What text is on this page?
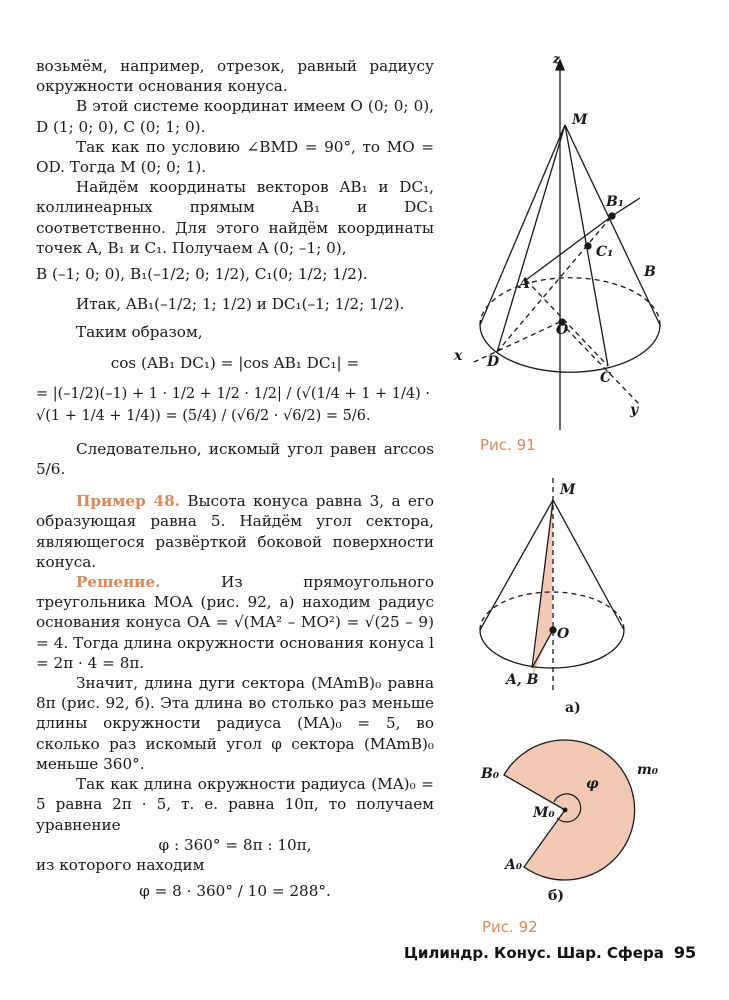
возьмём, например, отрезок, равный радиусу окружности основания конуса.

В этой системе координат имеем O (0; 0; 0), D (1; 0; 0), C (0; 1; 0).

Так как по условию ∠BMD = 90°, то MO = OD. Тогда M (0; 0; 1).

Найдём координаты векторов AB₁ и DC₁, коллинеарных прямым AB₁ и DC₁ соответственно. Для этого найдём координаты точек A, B₁ и C₁. Получаем A (0; –1; 0),

B (–1; 0; 0), B₁(–1/2; 0; 1/2), C₁(0; 1/2; 1/2).

Итак, AB₁(–1/2; 1; 1/2) и DC₁(–1; 1/2; 1/2).

Таким образом,

cos (AB₁ DC₁) = |cos AB₁ DC₁| =

= |(–1/2)(–1) + 1 · 1/2 + 1/2 · 1/2| / (√(1/4 + 1 + 1/4) · √(1 + 1/4 + 1/4)) = (5/4) / (√6/2 · √6/2) = 5/6.

Следовательно, искомый угол равен arccos 5/6.

Пример 48. Высота конуса равна 3, а его образующая равна 5. Найдём угол сектора, являющегося развёрткой боковой поверхности конуса.

Решение.	Из прямоугольного треугольника MOA (рис. 92, а) находим радиус основания конуса OA = √(MA² – MO²) = √(25 – 9) = 4. Тогда длина окружности основания конуса l = 2π · 4 = 8π.

Значит, длина дуги сектора (MAmB)₀ равна 8π (рис. 92, б). Эта длина во столько раз меньше длины окружности радиуса (MA)₀ = 5, во сколько раз искомый угол φ сектора (MAmB)₀ меньше 360°.

Так как длина окружности радиуса (MA)₀ = 5 равна 2π · 5, т. е. равна 10π, то получаем уравнение

φ : 360° = 8π : 10π,

из которого находим

φ = 8 · 360° / 10 = 288°.

z
M
B₁
C₁
B
A
O
x D
C
y
Рис. 91
M
O
A, B
а)
B₀	m₀
φ
M₀
A₀
б)
Рис. 92
Цилиндр. Конус. Шар. Сфера 95
